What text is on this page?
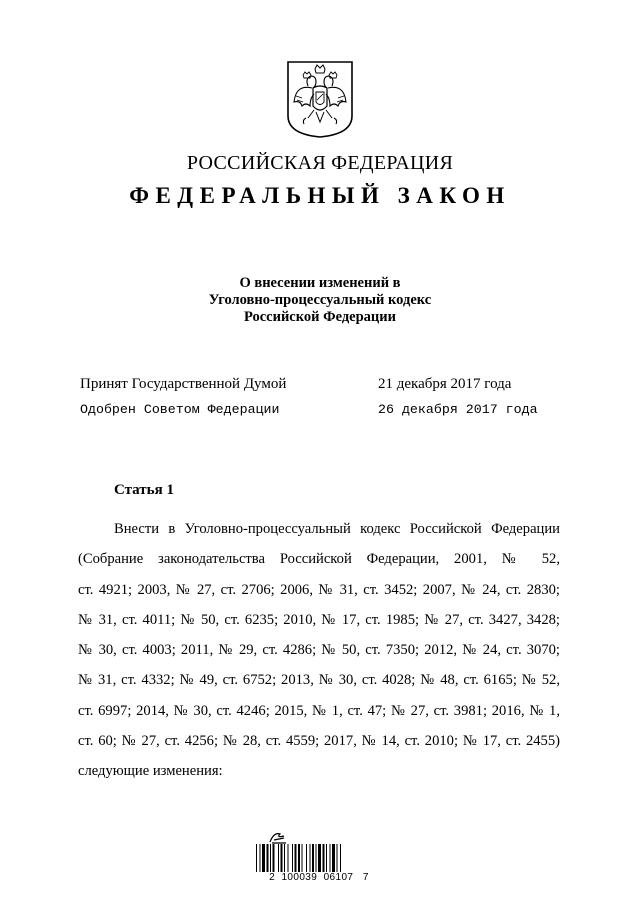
РОССИЙСКАЯ ФЕДЕРАЦИЯ
ФЕДЕРАЛЬНЫЙ ЗАКОН
О внесении изменений в
Уголовно-процессуальный кодекс
Российской Федерации
Принят Государственной Думой	21 декабря 2017 года
Одобрен Советом Федерации	26 декабря 2017 года
Статья 1
Внести в Уголовно-процессуальный кодекс Российской Федерации
(Собрание законодательства Российской Федерации, 2001, № 52,
ст. 4921; 2003, № 27, ст. 2706; 2006, № 31, ст. 3452; 2007, № 24, ст. 2830;
№ 31, ст. 4011; № 50, ст. 6235; 2010, № 17, ст. 1985; № 27, ст. 3427, 3428;
№ 30, ст. 4003; 2011, № 29, ст. 4286; № 50, ст. 7350; 2012, № 24, ст. 3070;
№ 31, ст. 4332; № 49, ст. 6752; 2013, № 30, ст. 4028; № 48, ст. 6165; № 52,
ст. 6997; 2014, № 30, ст. 4246; 2015, № 1, ст. 47; № 27, ст. 3981; 2016, № 1,
ст. 60; № 27, ст. 4256; № 28, ст. 4559; 2017, № 14, ст. 2010; № 17, ст. 2455)
следующие изменения:
2  100039  06107   7
